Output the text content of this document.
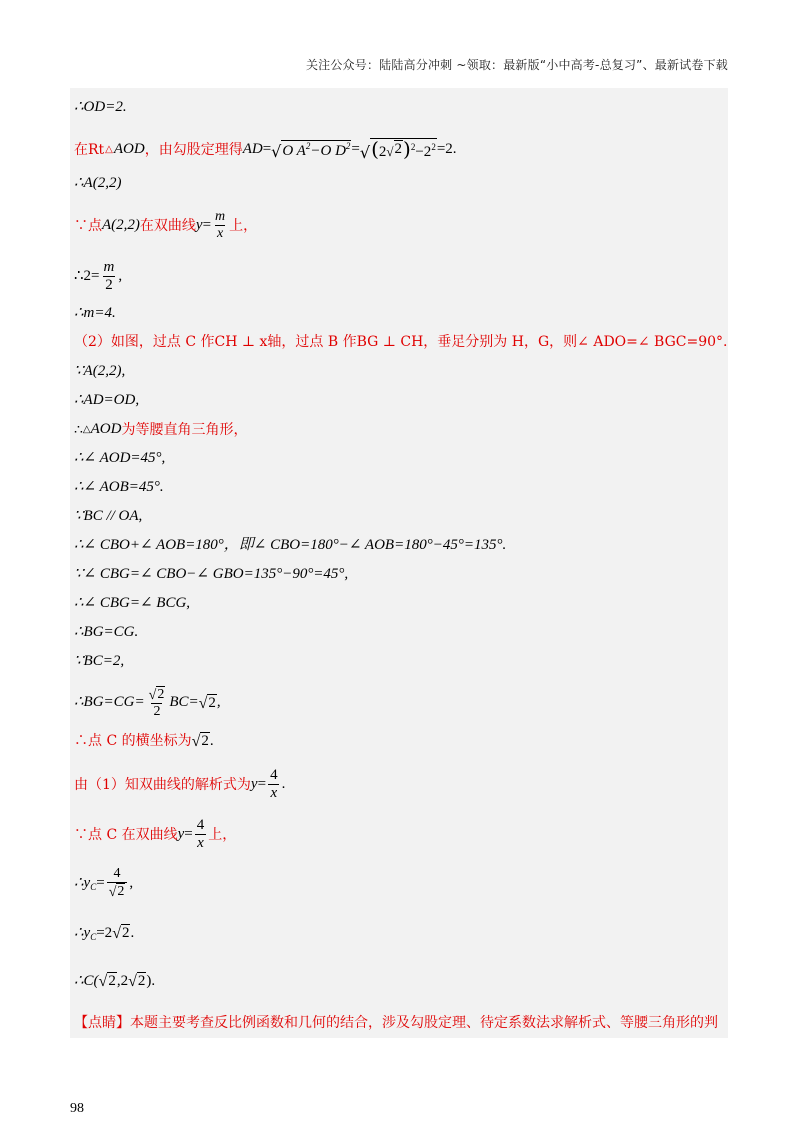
关注公众号：陆陆高分冲刺 ~领取：最新版“小中高考-总复习”、最新试卷下载
∴OD=2.
在Rt △ AOD ，由勾股定理得 AD = √ O $A^2-O$ $D^2$ = √ (2 √ 2 )$^2-2^2 =2$.
∴A(2,2)
∵点 A(2,2) 在双曲线 $y = \frac{m}{x}$ 上，
∴2= $\frac{m}{2}$ ,
∴m=4.
（2）如图，过点 C 作CH ⊥ x轴，过点 B 作BG ⊥ CH，垂足分别为 H，G，则∠ ADO=∠ BGC=90°.
∵A(2,2),
∴AD=OD,
∴ △ AOD 为等腰直角三角形，
∴∠ AOD=45°,
∴∠ AOB=45°.
∵BC // OA,
∴∠ CBO+∠ AOB=180°，即∠ CBO=180°−∠ AOB=180°−45°=135°.
∵∠ CBG=∠ CBO−∠ GBO=135°−90°=45°,
∴∠ CBG=∠ BCG,
∴BG=CG.
∵BC=2,
∴BG=CG= $\frac{√ 2}{2} BC=$ √ 2 ,
∴点 C 的横坐标为 √ 2 .
由（1）知双曲线的解析式为 $y = \frac{4}{x}$ .
∵点 C 在双曲线 $y = \frac{4}{x}$ 上，
$\therefore y_C = \frac{4}{√ 2}$ ,
$\therefore y_C =2$ √ 2 .
∴C( √ 2 ,2 √ 2 ).
【点睛】本题主要考查反比例函数和几何的结合，涉及勾股定理、待定系数法求解析式、等腰三角形的判
98
